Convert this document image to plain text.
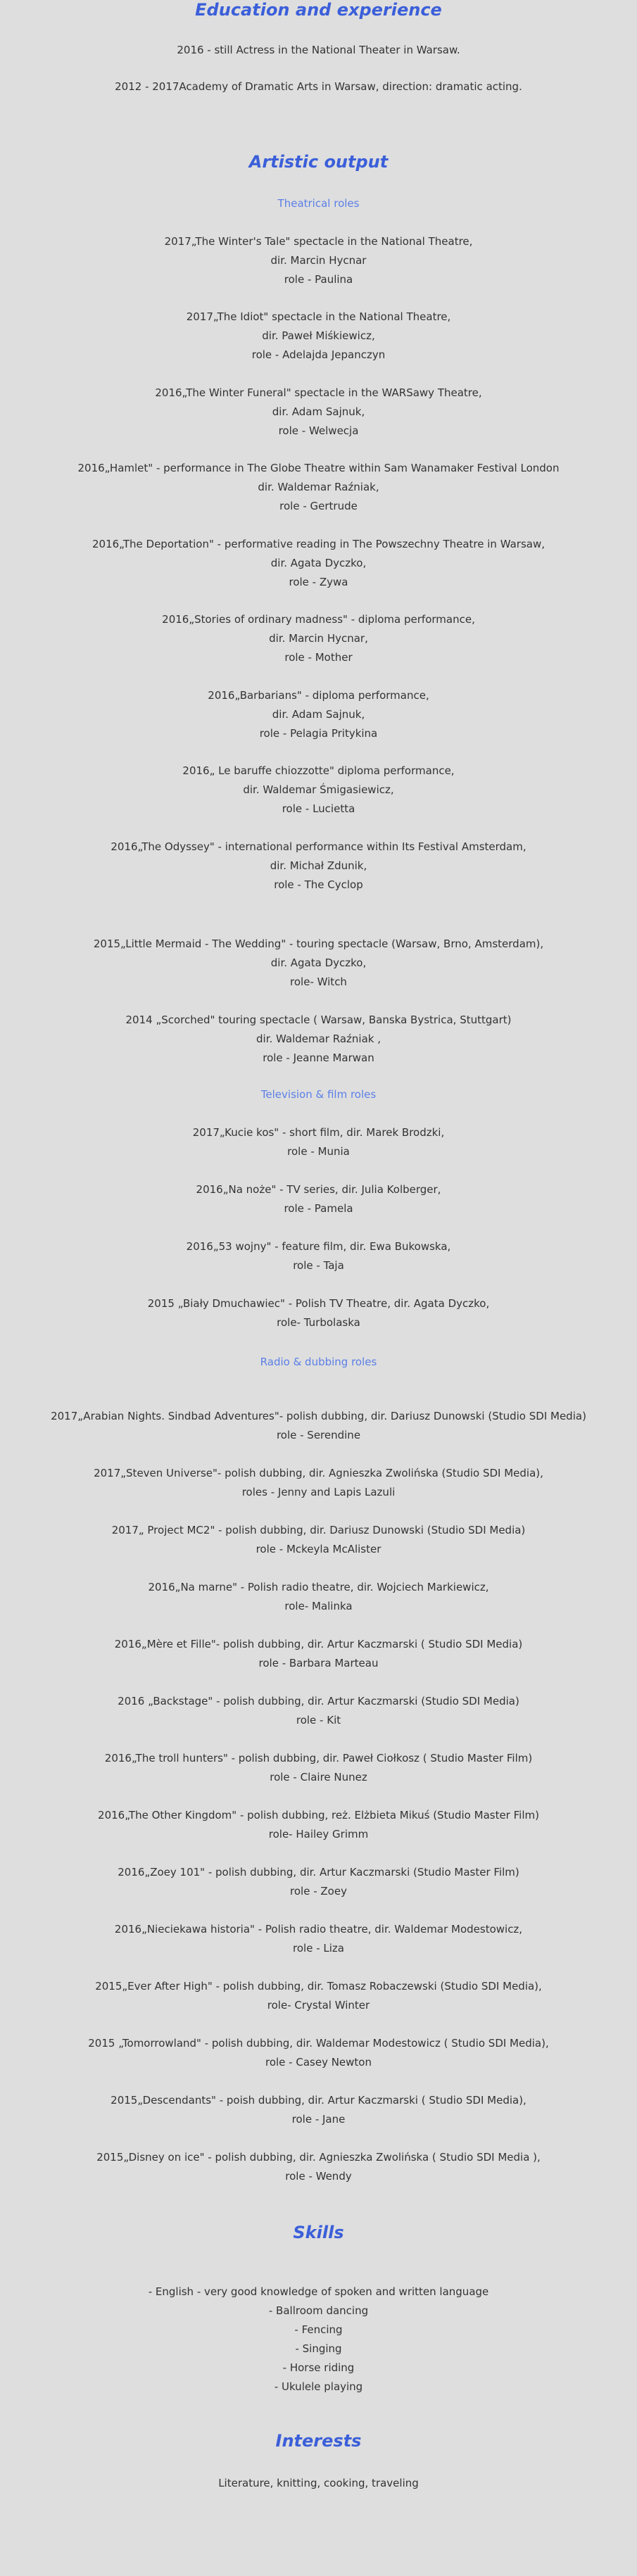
Education and experience

2016 - still Actress in the National Theater in Warsaw.

2012 - 2017Academy of Dramatic Arts in Warsaw, direction: dramatic acting.

Artistic output

Theatrical roles

2017„The Winter's Tale" spectacle in the National Theatre,

dir. Marcin Hycnar

role - Paulina

2017„The Idiot" spectacle in the National Theatre,

dir. Paweł Miśkiewicz,

role - Adelajda Jepanczyn

2016„The Winter Funeral" spectacle in the WARSawy Theatre,

dir. Adam Sajnuk,

role - Welwecja

2016„Hamlet" - performance in The Globe Theatre within Sam Wanamaker Festival London

dir. Waldemar Raźniak,

role - Gertrude

2016„The Deportation" - performative reading in The Powszechny Theatre in Warsaw,

dir. Agata Dyczko,

role - Zywa

2016„Stories of ordinary madness" - diploma performance,

dir. Marcin Hycnar,

role - Mother

2016„Barbarians" - diploma performance,

dir. Adam Sajnuk,

role - Pelagia Pritykina

2016„ Le baruffe chiozzotte" diploma performance,

dir. Waldemar Śmigasiewicz,

role - Lucietta

2016„The Odyssey" - international performance within Its Festival Amsterdam,

dir. Michał Zdunik,

role - The Cyclop

2015„Little Mermaid - The Wedding" - touring spectacle (Warsaw, Brno, Amsterdam),

dir. Agata Dyczko,

role- Witch

2014 „Scorched" touring spectacle ( Warsaw, Banska Bystrica, Stuttgart)

dir. Waldemar Raźniak ,

role - Jeanne Marwan

Television & film roles

2017„Kucie kos" - short film, dir. Marek Brodzki,

role - Munia

2016„Na noże" - TV series, dir. Julia Kolberger,

role - Pamela

2016„53 wojny" - feature film, dir. Ewa Bukowska,

role - Taja

2015 „Biały Dmuchawiec" - Polish TV Theatre, dir. Agata Dyczko,

role- Turbolaska

Radio & dubbing roles

2017„Arabian Nights. Sindbad Adventures"- polish dubbing, dir. Dariusz Dunowski (Studio SDI Media)

role - Serendine

2017„Steven Universe"- polish dubbing, dir. Agnieszka Zwolińska (Studio SDI Media),

roles - Jenny and Lapis Lazuli

2017„ Project MC2" - polish dubbing, dir. Dariusz Dunowski (Studio SDI Media)

role - Mckeyla McAlister

2016„Na marne" - Polish radio theatre, dir. Wojciech Markiewicz,

role- Malinka

2016„Mère et Fille"- polish dubbing, dir. Artur Kaczmarski ( Studio SDI Media)

role - Barbara Marteau

2016 „Backstage" - polish dubbing, dir. Artur Kaczmarski (Studio SDI Media)

role - Kit

2016„The troll hunters" - polish dubbing, dir. Paweł Ciołkosz ( Studio Master Film)

role - Claire Nunez

2016„The Other Kingdom" - polish dubbing, reż. Elżbieta Mikuś (Studio Master Film)

role- Hailey Grimm

2016„Zoey 101" - polish dubbing, dir. Artur Kaczmarski (Studio Master Film)

role - Zoey

2016„Nieciekawa historia" - Polish radio theatre, dir. Waldemar Modestowicz,

role - Liza

2015„Ever After High" - polish dubbing, dir. Tomasz Robaczewski (Studio SDI Media),

role- Crystal Winter

2015 „Tomorrowland" - polish dubbing, dir. Waldemar Modestowicz ( Studio SDI Media),

role - Casey Newton

2015„Descendants" - poish dubbing, dir. Artur Kaczmarski ( Studio SDI Media),

role - Jane

2015„Disney on ice" - polish dubbing, dir. Agnieszka Zwolińska ( Studio SDI Media ),

role - Wendy

Skills

- English - very good knowledge of spoken and written language

- Ballroom dancing

- Fencing

- Singing

- Horse riding

- Ukulele playing

Interests

Literature, knitting, cooking, traveling
